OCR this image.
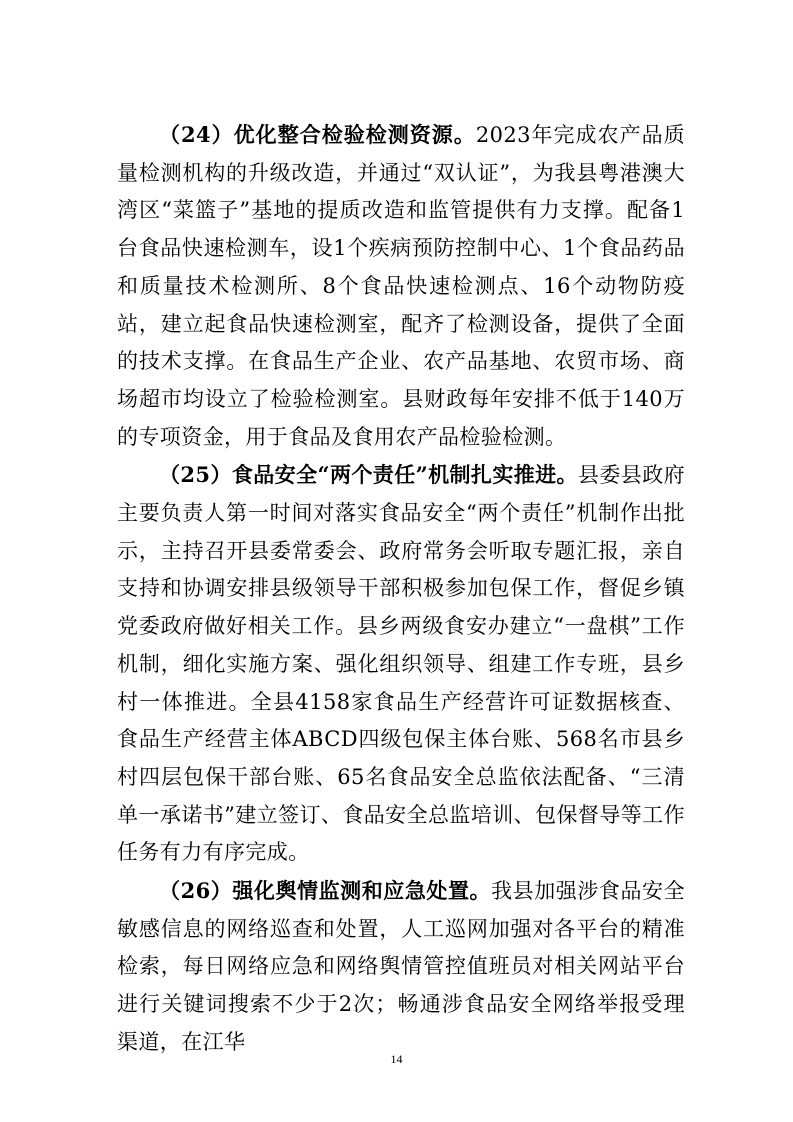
（24）优化整合检验检测资源。2023年完成农产品质量检测机构的升级改造，并通过“双认证”，为我县粤港澳大湾区“菜篮子”基地的提质改造和监管提供有力支撑。配备1台食品快速检测车，设1个疾病预防控制中心、1个食品药品和质量技术检测所、8个食品快速检测点、16个动物防疫站，建立起食品快速检测室，配齐了检测设备，提供了全面的技术支撑。在食品生产企业、农产品基地、农贸市场、商场超市均设立了检验检测室。县财政每年安排不低于140万的专项资金，用于食品及食用农产品检验检测。

（25）食品安全“两个责任”机制扎实推进。县委县政府主要负责人第一时间对落实食品安全“两个责任”机制作出批示，主持召开县委常委会、政府常务会听取专题汇报，亲自支持和协调安排县级领导干部积极参加包保工作，督促乡镇党委政府做好相关工作。县乡两级食安办建立“一盘棋”工作机制，细化实施方案、强化组织领导、组建工作专班，县乡村一体推进。全县4158家食品生产经营许可证数据核查、食品生产经营主体ABCD四级包保主体台账、568名市县乡村四层包保干部台账、65名食品安全总监依法配备、“三清单一承诺书”建立签订、食品安全总监培训、包保督导等工作任务有力有序完成。

（26）强化舆情监测和应急处置。我县加强涉食品安全敏感信息的网络巡查和处置，人工巡网加强对各平台的精准检索，每日网络应急和网络舆情管控值班员对相关网站平台进行关键词搜索不少于2次；畅通涉食品安全网络举报受理渠道，在江华

14
